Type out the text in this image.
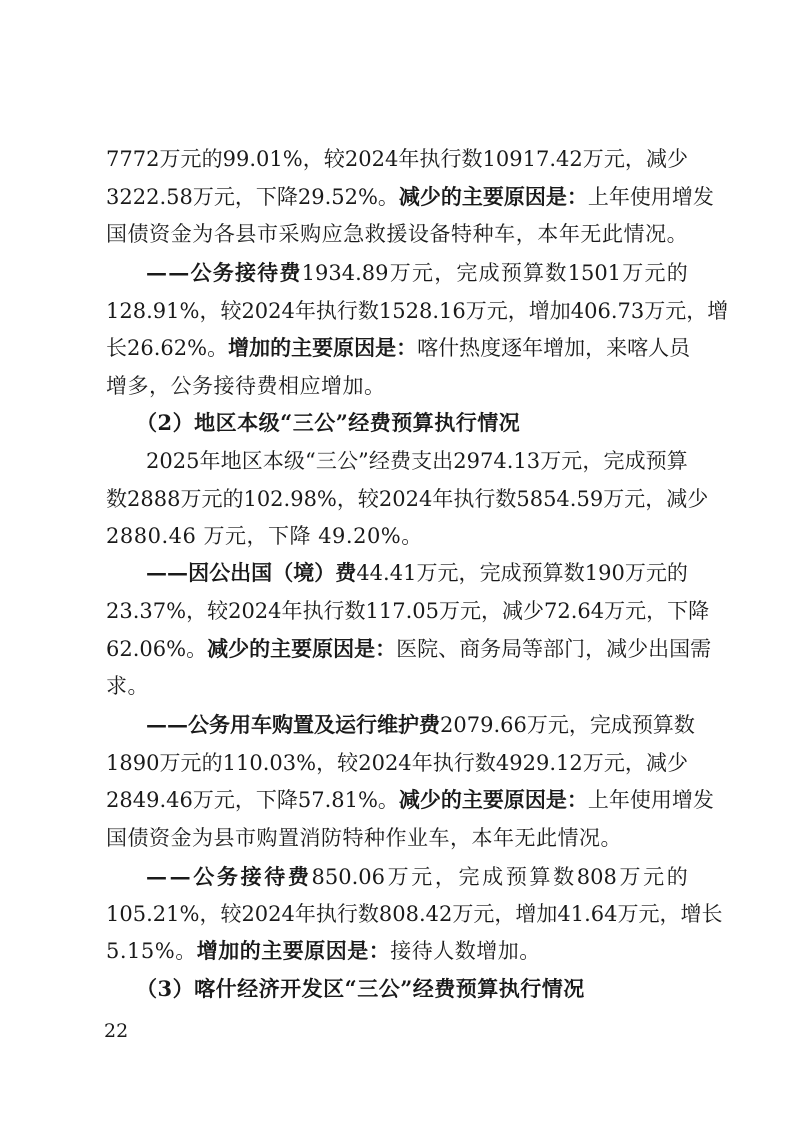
7772 万 元 的 99.01% ， 较 2024 年 执 行 数 10917.42 万 元 ， 减 少
3222.58 万 元 ， 下 降 29.52% 。 减 少 的 主 要 原 因 是 ： 上 年 使 用 增 发
国 债 资 金 为 各 县 市 采 购 应 急 救 援 设 备 特 种 车 ， 本 年 无 此 情 况 。
— — 公 务 接 待 费 1934.89 万 元 ， 完 成 预 算 数 1501 万 元 的
128.91% ， 较 2024 年 执 行 数 1528.16 万 元 ， 增 加 406.73 万 元 ， 增
长 26.62% 。 增 加 的 主 要 原 因 是 ： 喀 什 热 度 逐 年 增 加 ， 来 喀 人 员
增多，公务接待费相应增加。
（2）地区本级“三公”经费预算执行情况
2025 年 地 区 本 级 “ 三 公 ” 经 费 支 出 2974.13 万 元 ， 完 成 预 算
数 2888 万 元 的 102.98% ， 较 2024 年 执 行 数 5854.59 万 元 ， 减 少
2880.46 万元，下降 49.20%。
— — 因 公 出 国 （ 境 ） 费 44.41 万 元 ， 完 成 预 算 数 190 万 元 的
23.37% ， 较 2024 年 执 行 数 117.05 万 元 ， 减 少 72.64 万 元 ， 下 降
62.06% 。 减 少 的 主 要 原 因 是 ： 医 院 、 商 务 局 等 部 门 ， 减 少 出 国 需
求。
— — 公 务 用 车 购 置 及 运 行 维 护 费 2079.66 万 元 ， 完 成 预 算 数
1890 万 元 的 110.03% ， 较 2024 年 执 行 数 4929.12 万 元 ， 减 少
2849.46 万 元 ， 下 降 57.81% 。 减 少 的 主 要 原 因 是 ： 上 年 使 用 增 发
国债资金为县市购置消防特种作业车，本年无此情况。
— — 公 务 接 待 费 850.06 万 元 ， 完 成 预 算 数 808 万 元 的
105.21% ， 较 2024 年 执 行 数 808.42 万 元 ， 增 加 41.64 万 元 ， 增 长
5.15%。 增加的主要原因是： 接待人数增加。
（3）喀什经济开发区“三公”经费预算执行情况
22
